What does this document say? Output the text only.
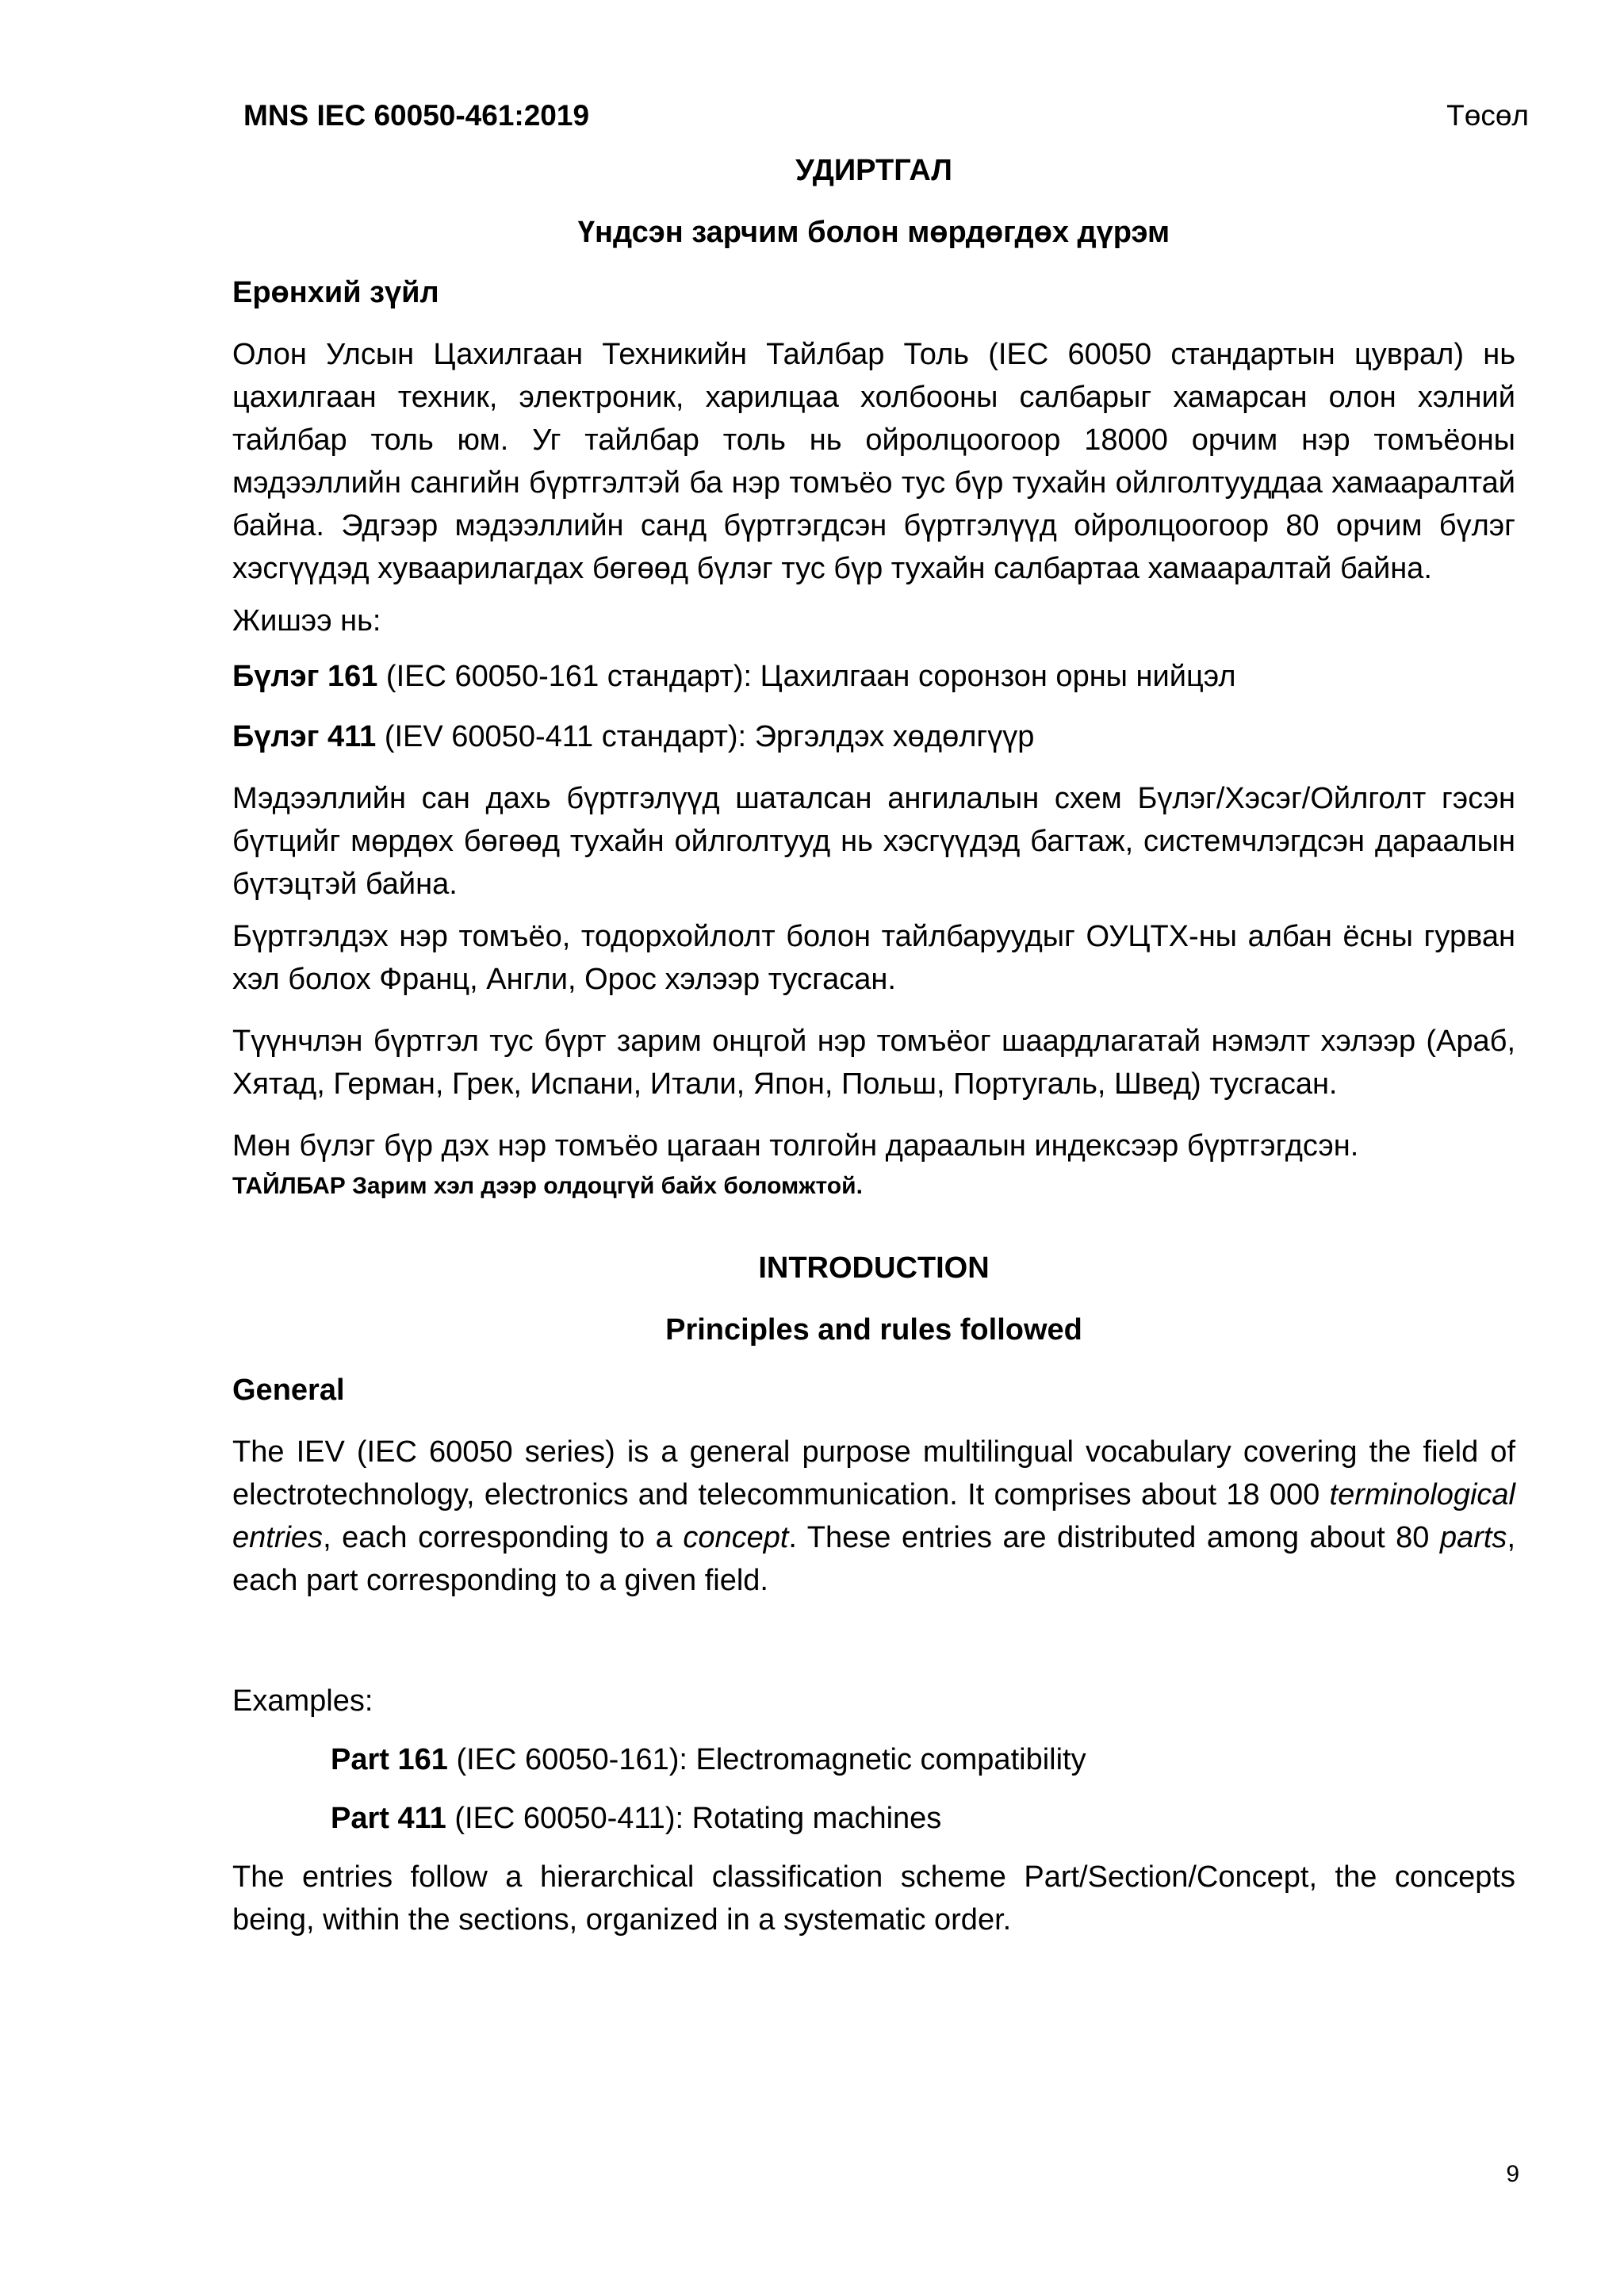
MNS IEC 60050-461:2019	Төсөл
УДИРТГАЛ
Үндсэн зарчим болон мөрдөгдөх дүрэм
Ерөнхий зүйл

Олон Улсын Цахилгаан Техникийн Тайлбар Толь (IEC 60050 стандартын цуврал) нь цахилгаан техник, электроник, харилцаа холбооны салбарыг хамарсан олон хэлний тайлбар толь юм. Уг тайлбар толь нь ойролцоогоор 18000 орчим нэр томъёоны мэдээллийн сангийн бүртгэлтэй ба нэр томъёо тус бүр тухайн ойлголтууддаа хамааралтай байна. Эдгээр мэдээллийн санд бүртгэгдсэн бүртгэлүүд ойролцоогоор 80 орчим бүлэг хэсгүүдэд хуваарилагдах бөгөөд бүлэг тус бүр тухайн салбартаа хамааралтай байна.

Жишээ нь:

Бүлэг 161 (IEC 60050-161 стандарт): Цахилгаан соронзон орны нийцэл

Бүлэг 411 (IEV 60050-411 стандарт): Эргэлдэх хөдөлгүүр

Мэдээллийн сан дахь бүртгэлүүд шаталсан ангилалын схем Бүлэг/Хэсэг/Ойлголт гэсэн бүтцийг мөрдөх бөгөөд тухайн ойлголтууд нь хэсгүүдэд багтаж, системчлэгдсэн дараалын бүтэцтэй байна.

Бүртгэлдэх нэр томъёо, тодорхойлолт болон тайлбаруудыг ОУЦТХ-ны албан ёсны гурван хэл болох Франц, Англи, Орос хэлээр тусгасан.

Түүнчлэн бүртгэл тус бүрт зарим онцгой нэр томъёог шаардлагатай нэмэлт хэлээр (Араб, Хятад, Герман, Грек, Испани, Итали, Япон, Польш, Португаль, Швед) тусгасан.

Мөн бүлэг бүр дэх нэр томъёо цагаан толгойн дараалын индексээр бүртгэгдсэн.

ТАЙЛБАР Зарим хэл дээр олдоцгүй байх боломжтой.
INTRODUCTION
Principles and rules followed
General

The IEV (IEC 60050 series) is a general purpose multilingual vocabulary covering the field of electrotechnology, electronics and telecommunication. It comprises about 18 000 terminological entries, each corresponding to a concept. These entries are distributed among about 80 parts, each part corresponding to a given field.

Examples:

Part 161 (IEC 60050-161): Electromagnetic compatibility

Part 411 (IEC 60050-411): Rotating machines

The entries follow a hierarchical classification scheme Part/Section/Concept, the concepts being, within the sections, organized in a systematic order.

9
